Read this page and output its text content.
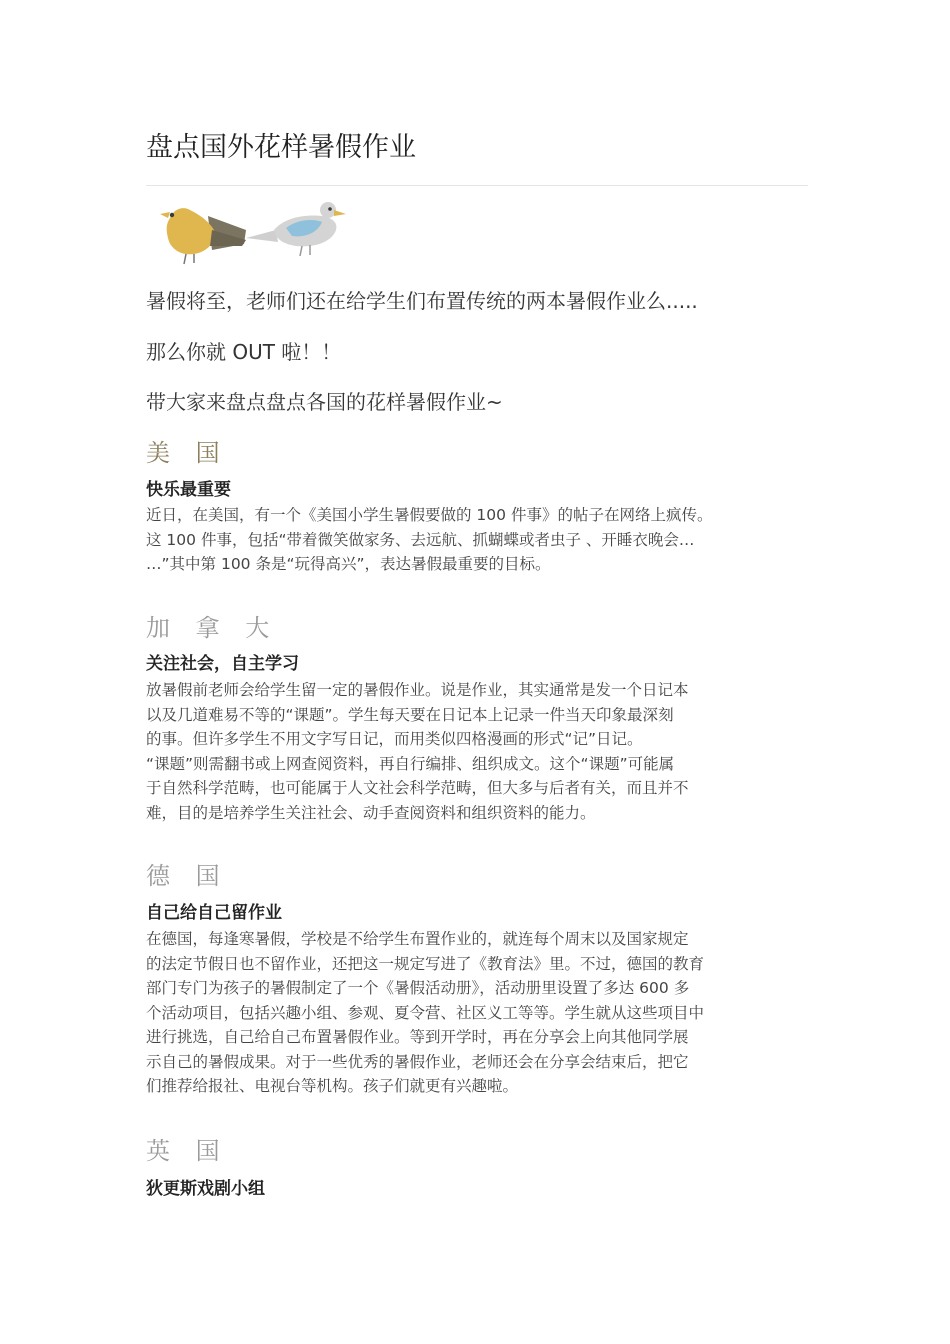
盘点国外花样暑假作业

暑假将至，老师们还在给学生们布置传统的两本暑假作业么.....

那么你就 OUT 啦！！

带大家来盘点盘点各国的花样暑假作业~

美 国
快乐最重要
近日，在美国，有一个《美国小学生暑假要做的 100 件事》的帖子在网络上疯传。
这 100 件事，包括“带着微笑做家务、去远航、抓蝴蝶或者虫子 、开睡衣晚会…
…”其中第 100 条是“玩得高兴”，表达暑假最重要的目标。
加 拿 大
关注社会，自主学习
放暑假前老师会给学生留一定的暑假作业。说是作业，其实通常是发一个日记本
以及几道难易不等的“课题”。学生每天要在日记本上记录一件当天印象最深刻
的事。但许多学生不用文字写日记，而用类似四格漫画的形式“记”日记。
“课题”则需翻书或上网查阅资料，再自行编排、组织成文。这个“课题”可能属
于自然科学范畴，也可能属于人文社会科学范畴，但大多与后者有关，而且并不
难，目的是培养学生关注社会、动手查阅资料和组织资料的能力。
德 国
自己给自己留作业
在德国，每逢寒暑假，学校是不给学生布置作业的，就连每个周末以及国家规定
的法定节假日也不留作业，还把这一规定写进了《教育法》里。不过，德国的教育
部门专门为孩子的暑假制定了一个《暑假活动册》，活动册里设置了多达 600 多
个活动项目，包括兴趣小组、参观、夏令营、社区义工等等。学生就从这些项目中
进行挑选，自己给自己布置暑假作业。等到开学时，再在分享会上向其他同学展
示自己的暑假成果。对于一些优秀的暑假作业，老师还会在分享会结束后，把它
们推荐给报社、电视台等机构。孩子们就更有兴趣啦。
英 国
狄更斯戏剧小组
